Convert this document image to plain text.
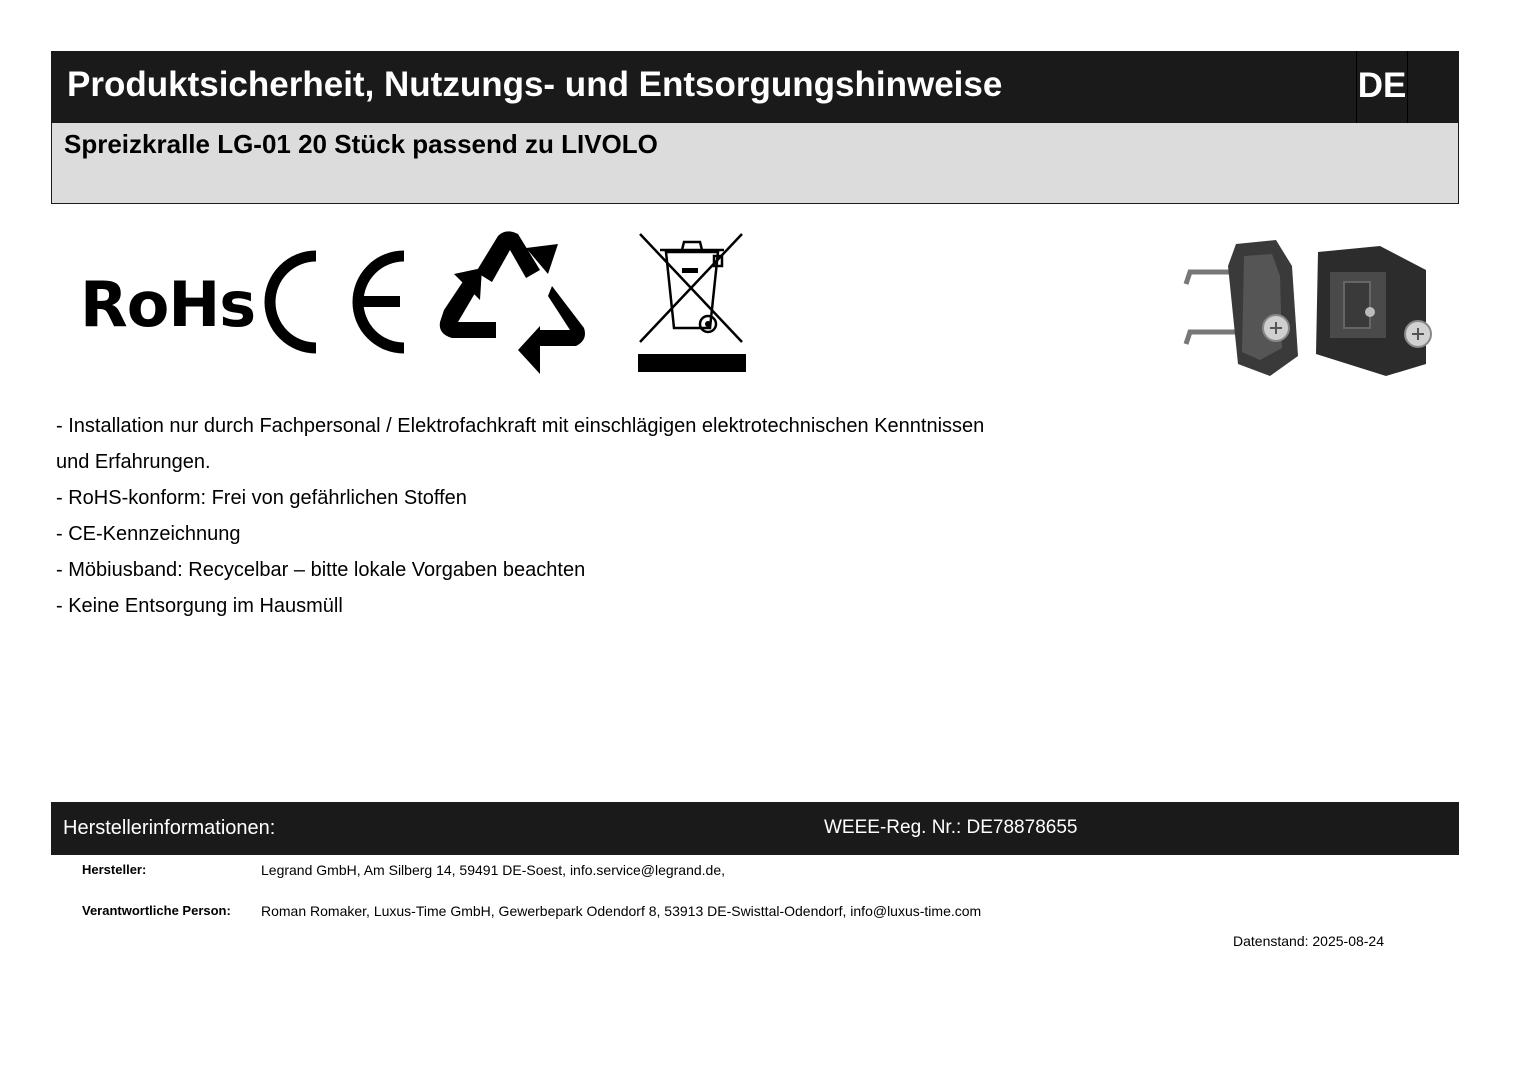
Produktsicherheit, Nutzungs- und Entsorgungshinweise	DE
Spreizkralle LG-01 20 Stück passend zu LIVOLO
RoHs
- Installation nur durch Fachpersonal / Elektrofachkraft mit einschlägigen elektrotechnischen Kenntnissen
und Erfahrungen.
- RoHS-konform: Frei von gefährlichen Stoffen
- CE-Kennzeichnung
- Möbiusband: Recycelbar – bitte lokale Vorgaben beachten
- Keine Entsorgung im Hausmüll
Herstellerinformationen:	WEEE-Reg. Nr.: DE78878655
Hersteller:	Legrand GmbH, Am Silberg 14, 59491 DE-Soest, info.service@legrand.de,
Verantwortliche Person: Roman Romaker, Luxus-Time GmbH, Gewerbepark Odendorf 8, 53913 DE-Swisttal-Odendorf, info@luxus-time.com
Datenstand: 2025-08-24
